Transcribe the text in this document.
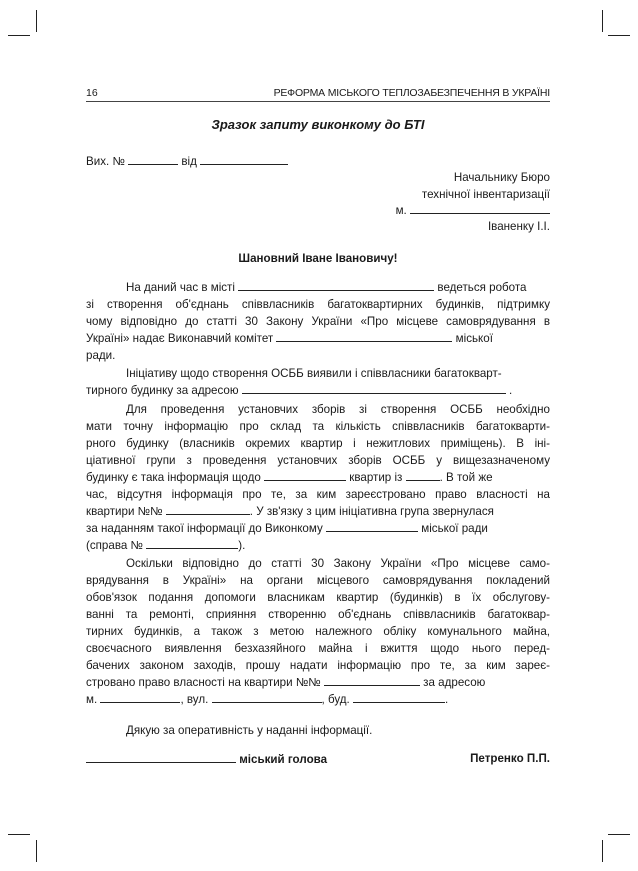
16	РЕФОРМА МІСЬКОГО ТЕПЛОЗАБЕЗПЕЧЕННЯ В УКРАЇНІ
Зразок запиту виконкому до БТІ
Вих. №	від
Начальнику Бюро
технічної інвентаризації
м.
Іваненку І.І.
Шановний Іване Івановичу!
На даний час в місті	ведеться робота
зі створення об'єднань співвласників багатоквартирних будинків, підтримку
чому відповідно до статті 30 Закону України «Про місцеве самоврядування в
Україні» надає Виконавчий комітет	міської
ради.
Ініціативу щодо створення ОСББ виявили і співвласники багатокварт-
тирного будинку за адресою	.
Для проведення установчих зборів зі створення ОСББ необхідно
мати точну інформацію про склад та кількість співвласників багатокварти-
рного будинку (власників окремих квартир і нежитлових приміщень). В іні-
ціативної групи з проведення установчих зборів ОСББ у вищезазначеному
будинку є така інформація щодо	квартир із	. В той же
час, відсутня інформація про те, за ким зареєстровано право власності на
квартири №№	. У зв'язку з цим ініціативна група звернулася
за наданням такої інформації до Виконкому	міської ради
(справа №	).
Оскільки відповідно до статті 30 Закону України «Про місцеве само-
врядування в Україні» на органи місцевого самоврядування покладений
обов'язок подання допомоги власникам квартир (будинків) в їх обслугову-
ванні та ремонті, сприяння створенню об'єднань співвласників багатоквар-
тирних будинків, а також з метою належного обліку комунального майна,
своєчасного виявлення безхазяйного майна і вжиття щодо нього перед-
бачених законом заходів, прошу надати інформацію про те, за ким зареє-
стровано право власності на квартири №№	за адресою
м.	, вул.	, буд.	.
Дякую за оперативність у наданні інформації.
міський голова	Петренко П.П.
